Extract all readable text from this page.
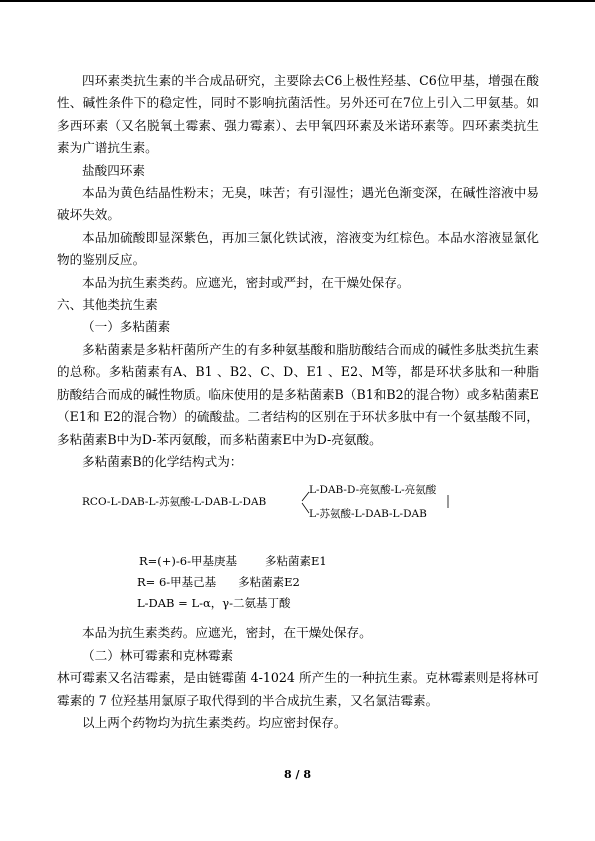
四环素类抗生素的半合成品研究，主要除去C6上极性羟基、C6位甲基，增强在酸性、碱性条件下的稳定性，同时不影响抗菌活性。另外还可在7位上引入二甲氨基。如多西环素（又名脱氧土霉素、强力霉素）、去甲氧四环素及米诺环素等。四环素类抗生素为广谱抗生素。

盐酸四环素

本品为黄色结晶性粉末；无臭，味苦；有引湿性；遇光色渐变深，在碱性溶液中易破坏失效。

本品加硫酸即显深紫色，再加三氯化铁试液，溶液变为红棕色。本品水溶液显氯化物的鉴别反应。

本品为抗生素类药。应遮光，密封或严封，在干燥处保存。

六、其他类抗生素

（一）多粘菌素

多粘菌素是多粘杆菌所产生的有多种氨基酸和脂肪酸结合而成的碱性多肽类抗生素的总称。多粘菌素有A、B1 、B2、C、D、E1 、E2、M等，都是环状多肽和一种脂肪酸结合而成的碱性物质。临床使用的是多粘菌素B（B1和B2的混合物）或多粘菌素E（E1和 E2的混合物）的硫酸盐。二者结构的区别在于环状多肽中有一个氨基酸不同，多粘菌素B中为D-苯丙氨酸，而多粘菌素E中为D-亮氨酸。

多粘菌素B的化学结构式为：

RCO-L-DAB-L-苏氨酸-L-DAB-L-DAB
L-DAB-D-亮氨酸-L-亮氨酸
L-苏氨酸-L-DAB-L-DAB

R=(+)-6-甲基庚基 多粘菌素E1

R= 6-甲基己基 多粘菌素E2

L-DAB = L-α，γ-二氨基丁酸

本品为抗生素类药。应遮光，密封，在干燥处保存。

（二）林可霉素和克林霉素

林可霉素又名洁霉素，是由链霉菌 4-1024 所产生的一种抗生素。克林霉素则是将林可霉素的 7 位羟基用氯原子取代得到的半合成抗生素，又名氯洁霉素。

以上两个药物均为抗生素类药。均应密封保存。

8 / 8
